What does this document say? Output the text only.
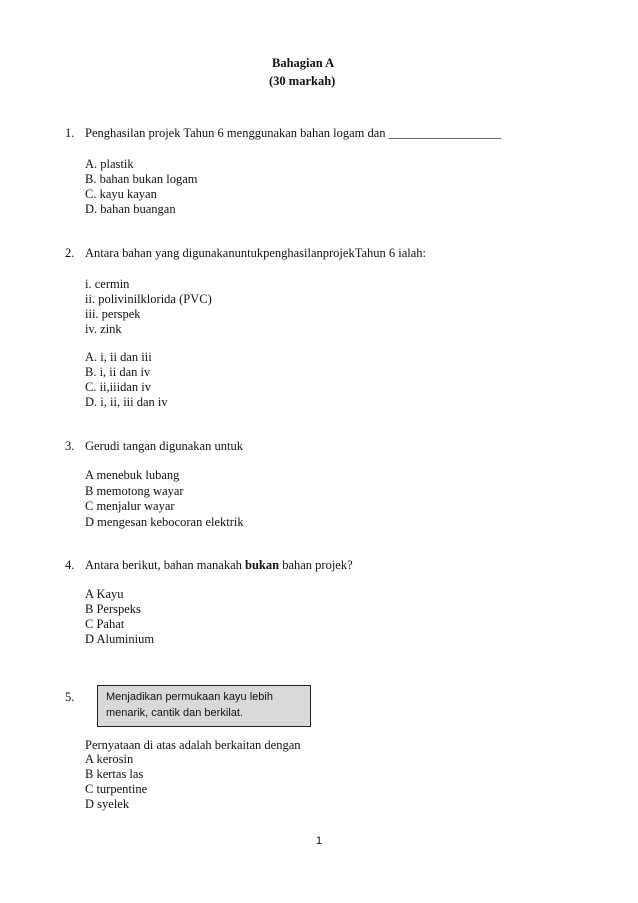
Bahagian A
(30 markah)
1. Penghasilan projek Tahun 6 menggunakan bahan logam dan __________________
A. plastik
B. bahan bukan logam
C. kayu kayan
D. bahan buangan
2. Antara bahan yang digunakanuntukpenghasilanprojekTahun 6 ialah:
i. cermin
ii. polivinilklorida (PVC)
iii. perspek
iv. zink
A. i, ii dan iii
B. i, ii dan iv
C. ii,iiidan iv
D. i, ii, iii dan iv
3. Gerudi tangan digunakan untuk
A menebuk lubang
B memotong wayar
C menjalur wayar
D mengesan kebocoran elektrik
4. Antara berikut, bahan manakah bukan bahan projek?
A Kayu
B Perspeks
C Pahat
D Aluminium
5.	Menjadikan permukaan kayu lebih
menarik, cantik dan berkilat.
Pernyataan di atas adalah berkaitan dengan
A kerosin
B kertas las
C turpentine
D syelek
1
